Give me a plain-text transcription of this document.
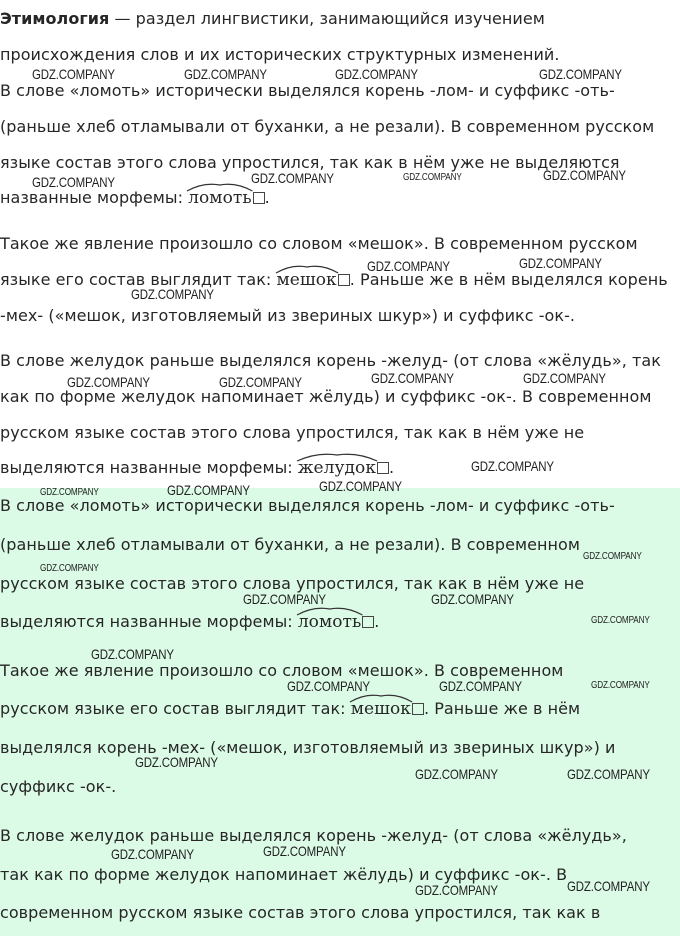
Этимология — раздел лингвистики, занимающийся изучением
происхождения слов и их исторических структурных изменений.
В слове «ломоть» исторически выделялся корень -лом- и суффикс -оть-
(раньше хлеб отламывали от буханки, а не резали). В современном русском
языке состав этого слова упростился, так как в нём уже не выделяются
названные морфемы:
ломоть .
Такое же явление произошло со словом «мешок». В современном русском
языке его состав выглядит так:
мешок . Раньше же в нём выделялся корень
-мех- («мешок, изготовляемый из звериных шкур») и суффикс -ок-.
В слове желудок раньше выделялся корень -желуд- (от слова «жёлудь», так
как по форме желудок напоминает жёлудь) и суффикс -ок-. В современном
русском языке состав этого слова упростился, так как в нём уже не
выделяются названные морфемы:
желудок .
В слове «ломоть» исторически выделялся корень -лом- и суффикс -оть-
(раньше хлеб отламывали от буханки, а не резали). В современном
русском языке состав этого слова упростился, так как в нём уже не
выделяются названные морфемы:
ломоть .
Такое же явление произошло со словом «мешок». В современном
русском языке его состав выглядит так:
мешок . Раньше же в нём
выделялся корень -мех- («мешок, изготовляемый из звериных шкур») и
суффикс -ок-.
В слове желудок раньше выделялся корень -желуд- (от слова «жёлудь»,
так как по форме желудок напоминает жёлудь) и суффикс -ок-. В
современном русском языке состав этого слова упростился, так как в
GDZ.COMPANY	GDZ.COMPANY	GDZ.COMPANY	GDZ.COMPANY
GDZ.COMPANY	GDZ.COMPANY	GDZ.COMPANY	GDZ.COMPANY
GDZ.COMPANY	GDZ.COMPANY
GDZ.COMPANY
GDZ.COMPANY	GDZ.COMPANY	GDZ.COMPANY	GDZ.COMPANY
GDZ.COMPANY
GDZ.COMPANY
GDZ.COMPANY	GDZ.COMPANY
GDZ.COMPANY
GDZ.COMPANY
GDZ.COMPANY	GDZ.COMPANY
GDZ.COMPANY
GDZ.COMPANY
GDZ.COMPANY	GDZ.COMPANY	GDZ.COMPANY
GDZ.COMPANY
GDZ.COMPANY	GDZ.COMPANY
GDZ.COMPANY
GDZ.COMPANY
GDZ.COMPANY
GDZ.COMPANY
